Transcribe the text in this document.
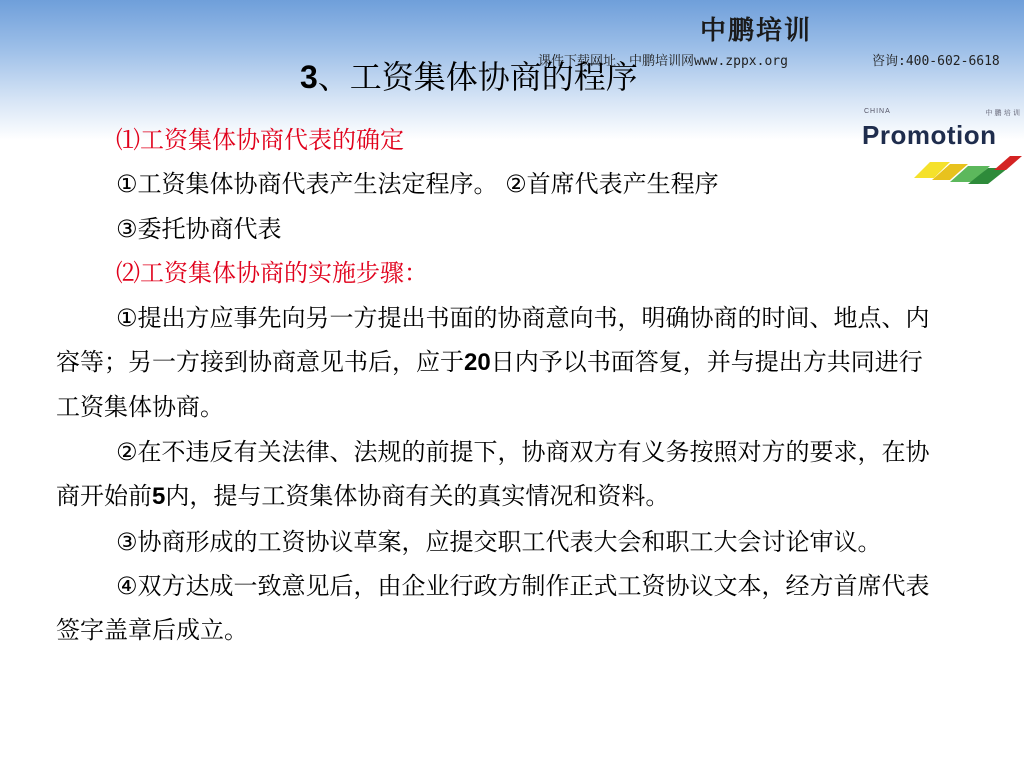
中鹏培训
课件下载网址、中鹏培训网www.zppx.org	咨询:400-602-6618
3、工资集体协商的程序
CHINA	中 鹏 培 训
Promotion

⑴工资集体协商代表的确定

①工资集体协商代表产生法定程序。 ②首席代表产生程序

③委托协商代表

⑵工资集体协商的实施步骤：

①提出方应事先向另一方提出书面的协商意向书，明确协商的时间、地点、内容等；另一方接到协商意见书后，应于20日内予以书面答复，并与提出方共同进行工资集体协商。

②在不违反有关法律、法规的前提下，协商双方有义务按照对方的要求，在协商开始前5内，提与工资集体协商有关的真实情况和资料。

③协商形成的工资协议草案，应提交职工代表大会和职工大会讨论审议。

④双方达成一致意见后，由企业行政方制作正式工资协议文本，经方首席代表签字盖章后成立。
